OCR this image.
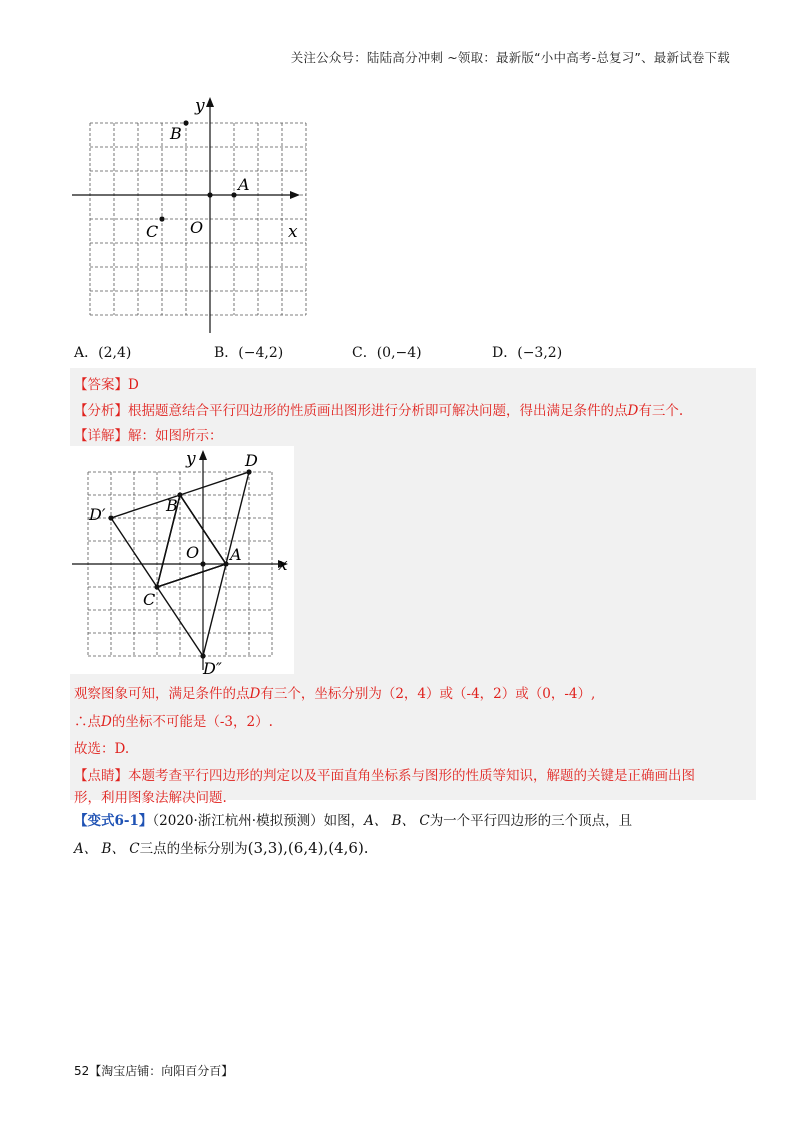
关注公众号：陆陆高分冲刺 ~领取：最新版“小中高考-总复习”、最新试卷下载
A
B
C	x
y
O
A．(2,4)	B．(−4,2)	C．(0,−4)	D．(−3,2)
【答案】D
【分析】根据题意结合平行四边形的性质画出图形进行分析即可解决问题，得出满足条件的点D有三个.
【详解】解：如图所示：
A
B
C
D
D′
D″
x
y
O
观察图象可知，满足条件的点D有三个，坐标分别为（2，4）或（-4，2）或（0，-4）,
∴点D的坐标不可能是（-3，2）.
故选：D.
【点睛】本题考查平行四边形的判定以及平面直角坐标系与图形的性质等知识，解题的关键是正确画出图
形，利用图象法解决问题.
【变式6-1】（2020·浙江杭州·模拟预测）如图，A、 B、 C为一个平行四边形的三个顶点，且
A、 B、 C三点的坐标分别为(3,3),(6,4),(4,6).
52【淘宝店铺：向阳百分百】
